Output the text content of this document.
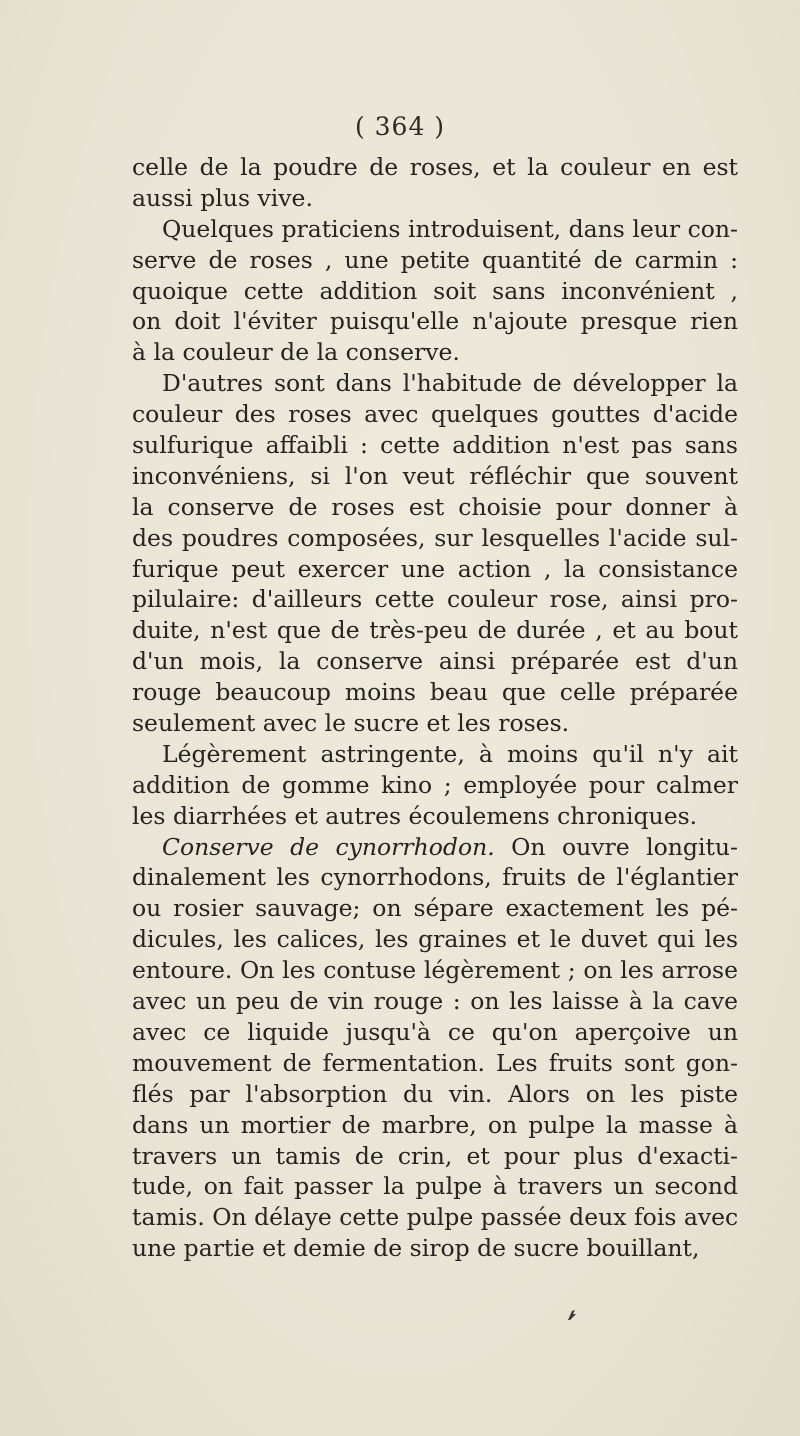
( 364 )
celle de la poudre de roses, et la couleur en est
aussi plus vive.
Quelques praticiens introduisent, dans leur con-
serve de roses , une petite quantité de carmin :
quoique cette addition soit sans inconvénient ,
on doit l'éviter puisqu'elle n'ajoute presque rien
à la couleur de la conserve.
D'autres sont dans l'habitude de développer la
couleur des roses avec quelques gouttes d'acide
sulfurique affaibli : cette addition n'est pas sans
inconvéniens, si l'on veut réfléchir que souvent
la conserve de roses est choisie pour donner à
des poudres composées, sur lesquelles l'acide sul-
furique peut exercer une action , la consistance
pilulaire: d'ailleurs cette couleur rose, ainsi pro-
duite, n'est que de très-peu de durée , et au bout
d'un mois, la conserve ainsi préparée est d'un
rouge beaucoup moins beau que celle préparée
seulement avec le sucre et les roses.
Légèrement astringente, à moins qu'il n'y ait
addition de gomme kino ; employée pour calmer
les diarrhées et autres écoulemens chroniques.
Conserve de cynorrhodon. On ouvre longitu-
dinalement les cynorrhodons, fruits de l'églantier
ou rosier sauvage; on sépare exactement les pé-
dicules, les calices, les graines et le duvet qui les
entoure. On les contuse légèrement ; on les arrose
avec un peu de vin rouge : on les laisse à la cave
avec ce liquide jusqu'à ce qu'on aperçoive un
mouvement de fermentation. Les fruits sont gon-
flés par l'absorption du vin. Alors on les piste
dans un mortier de marbre, on pulpe la masse à
travers un tamis de crin, et pour plus d'exacti-
tude, on fait passer la pulpe à travers un second
tamis. On délaye cette pulpe passée deux fois avec
une partie et demie de sirop de sucre bouillant,
